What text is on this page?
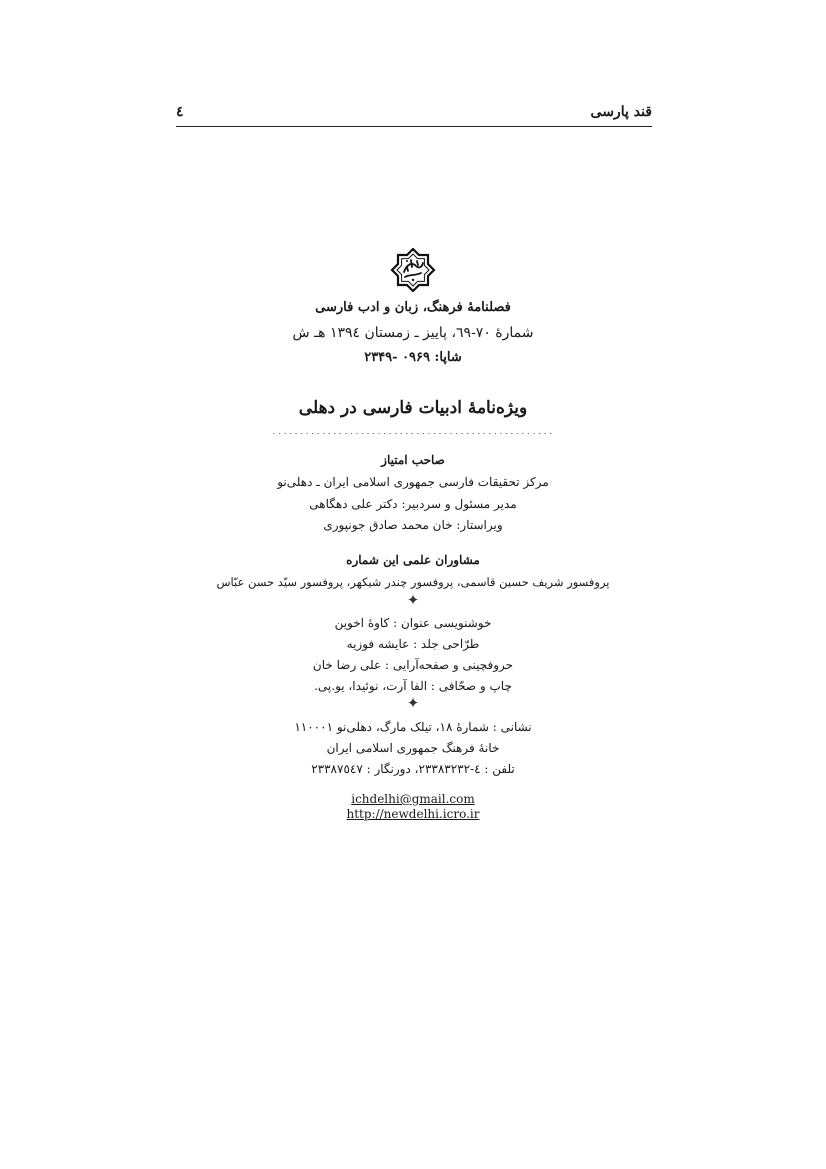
قند پارسی
٤
فصلنامۀ فرهنگ، زبان و ادب فارسی
شمارۀ ٧٠-٦٩، پاییز ـ زمستان ١٣٩٤ هـ ش
شاپا: ۰۹۶۹ -۲۳۴۹
ویژه‌نامۀ ادبیات فارسی در دهلی
...................................................
صاحب امتیاز
مرکز تحقیقات فارسی جمهوری اسلامی ایران ـ دهلی‌نو
مدیر مسئول و سردبیر: دکتر علی دهگاهی
ویراستار: خان محمد صادق جونپوری
مشاوران علمی این شماره
پروفسور شریف حسین قاسمی، پروفسور چندر شیکهر، پروفسور سیّد حسن عبّاس
✦
خوشنویسی عنوان : کاوۀ اخوین
طرّاحی جلد : عایشه فوزیه
حروفچینی و صفحه‌آرایی : علی رضا خان
چاپ و صحّافی : الفا آرت، نوئیدا، یو.پی.
✦
نشانی : شمارۀ ١٨، تیلک مارگ، دهلی‌نو ١١٠٠٠١
خانۀ فرهنگ جمهوری اسلامی ایران
تلفن : ٤-٢٣٣٨٣٢٣٢، دورنگار : ٢٣٣٨٧٥٤٧
ichdelhi@gmail.com
http://newdelhi.icro.ir
